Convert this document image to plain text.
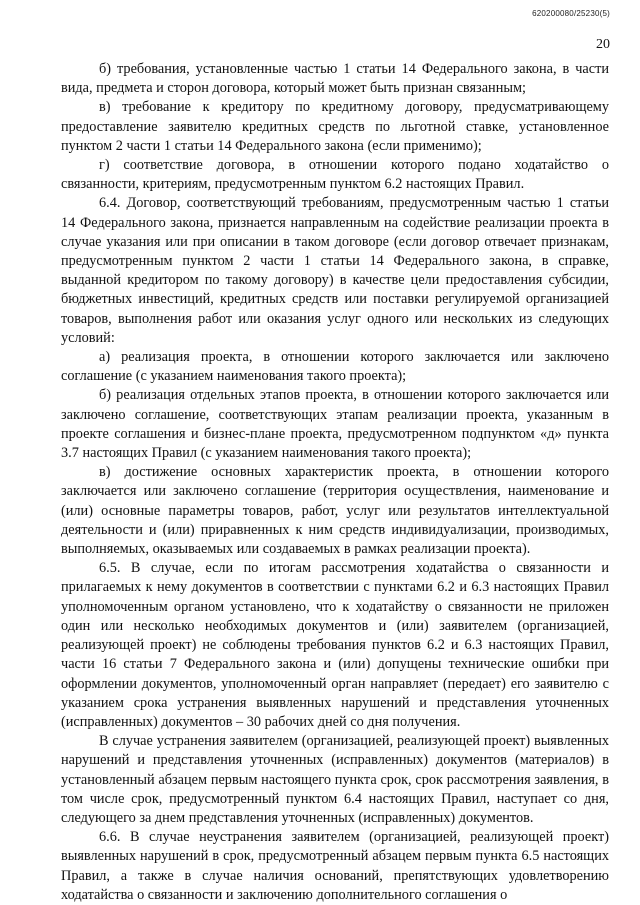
620200080/25230(5)
20

б) требования, установленные частью 1 статьи 14 Федерального закона, в части вида, предмета и сторон договора, который может быть признан связанным;

в) требование к кредитору по кредитному договору, предусматривающему предоставление заявителю кредитных средств по льготной ставке, установленное пунктом 2 части 1 статьи 14 Федерального закона (если применимо);

г) соответствие договора, в отношении которого подано ходатайство о связанности, критериям, предусмотренным пунктом 6.2 настоящих Правил.

6.4. Договор, соответствующий требованиям, предусмотренным частью 1 статьи 14 Федерального закона, признается направленным на содействие реализации проекта в случае указания или при описании в таком договоре (если договор отвечает признакам, предусмотренным пунктом 2 части 1 статьи 14 Федерального закона, в справке, выданной кредитором по такому договору) в качестве цели предоставления субсидии, бюджетных инвестиций, кредитных средств или поставки регулируемой организацией товаров, выполнения работ или оказания услуг одного или нескольких из следующих условий:

а) реализация проекта, в отношении которого заключается или заключено соглашение (с указанием наименования такого проекта);

б) реализация отдельных этапов проекта, в отношении которого заключается или заключено соглашение, соответствующих этапам реализации проекта, указанным в проекте соглашения и бизнес-плане проекта, предусмотренном подпунктом «д» пункта 3.7 настоящих Правил (с указанием наименования такого проекта);

в) достижение основных характеристик проекта, в отношении которого заключается или заключено соглашение (территория осуществления, наименование и (или) основные параметры товаров, работ, услуг или результатов интеллектуальной деятельности и (или) приравненных к ним средств индивидуализации, производимых, выполняемых, оказываемых или создаваемых в рамках реализации проекта).

6.5. В случае, если по итогам рассмотрения ходатайства о связанности и прилагаемых к нему документов в соответствии с пунктами 6.2 и 6.3 настоящих Правил уполномоченным органом установлено, что к ходатайству о связанности не приложен один или несколько необходимых документов и (или) заявителем (организацией, реализующей проект) не соблюдены требования пунктов 6.2 и 6.3 настоящих Правил, части 16 статьи 7 Федерального закона и (или) допущены технические ошибки при оформлении документов, уполномоченный орган направляет (передает) его заявителю с указанием срока устранения выявленных нарушений и представления уточненных (исправленных) документов – 30 рабочих дней со дня получения.

В случае устранения заявителем (организацией, реализующей проект) выявленных нарушений и представления уточненных (исправленных) документов (материалов) в установленный абзацем первым настоящего пункта срок, срок рассмотрения заявления, в том числе срок, предусмотренный пунктом 6.4 настоящих Правил, наступает со дня, следующего за днем представления уточненных (исправленных) документов.

6.6. В случае неустранения заявителем (организацией, реализующей проект) выявленных нарушений в срок, предусмотренный абзацем первым пункта 6.5 настоящих Правил, а также в случае наличия оснований, препятствующих удовлетворению ходатайства о связанности и заключению дополнительного соглашения о
